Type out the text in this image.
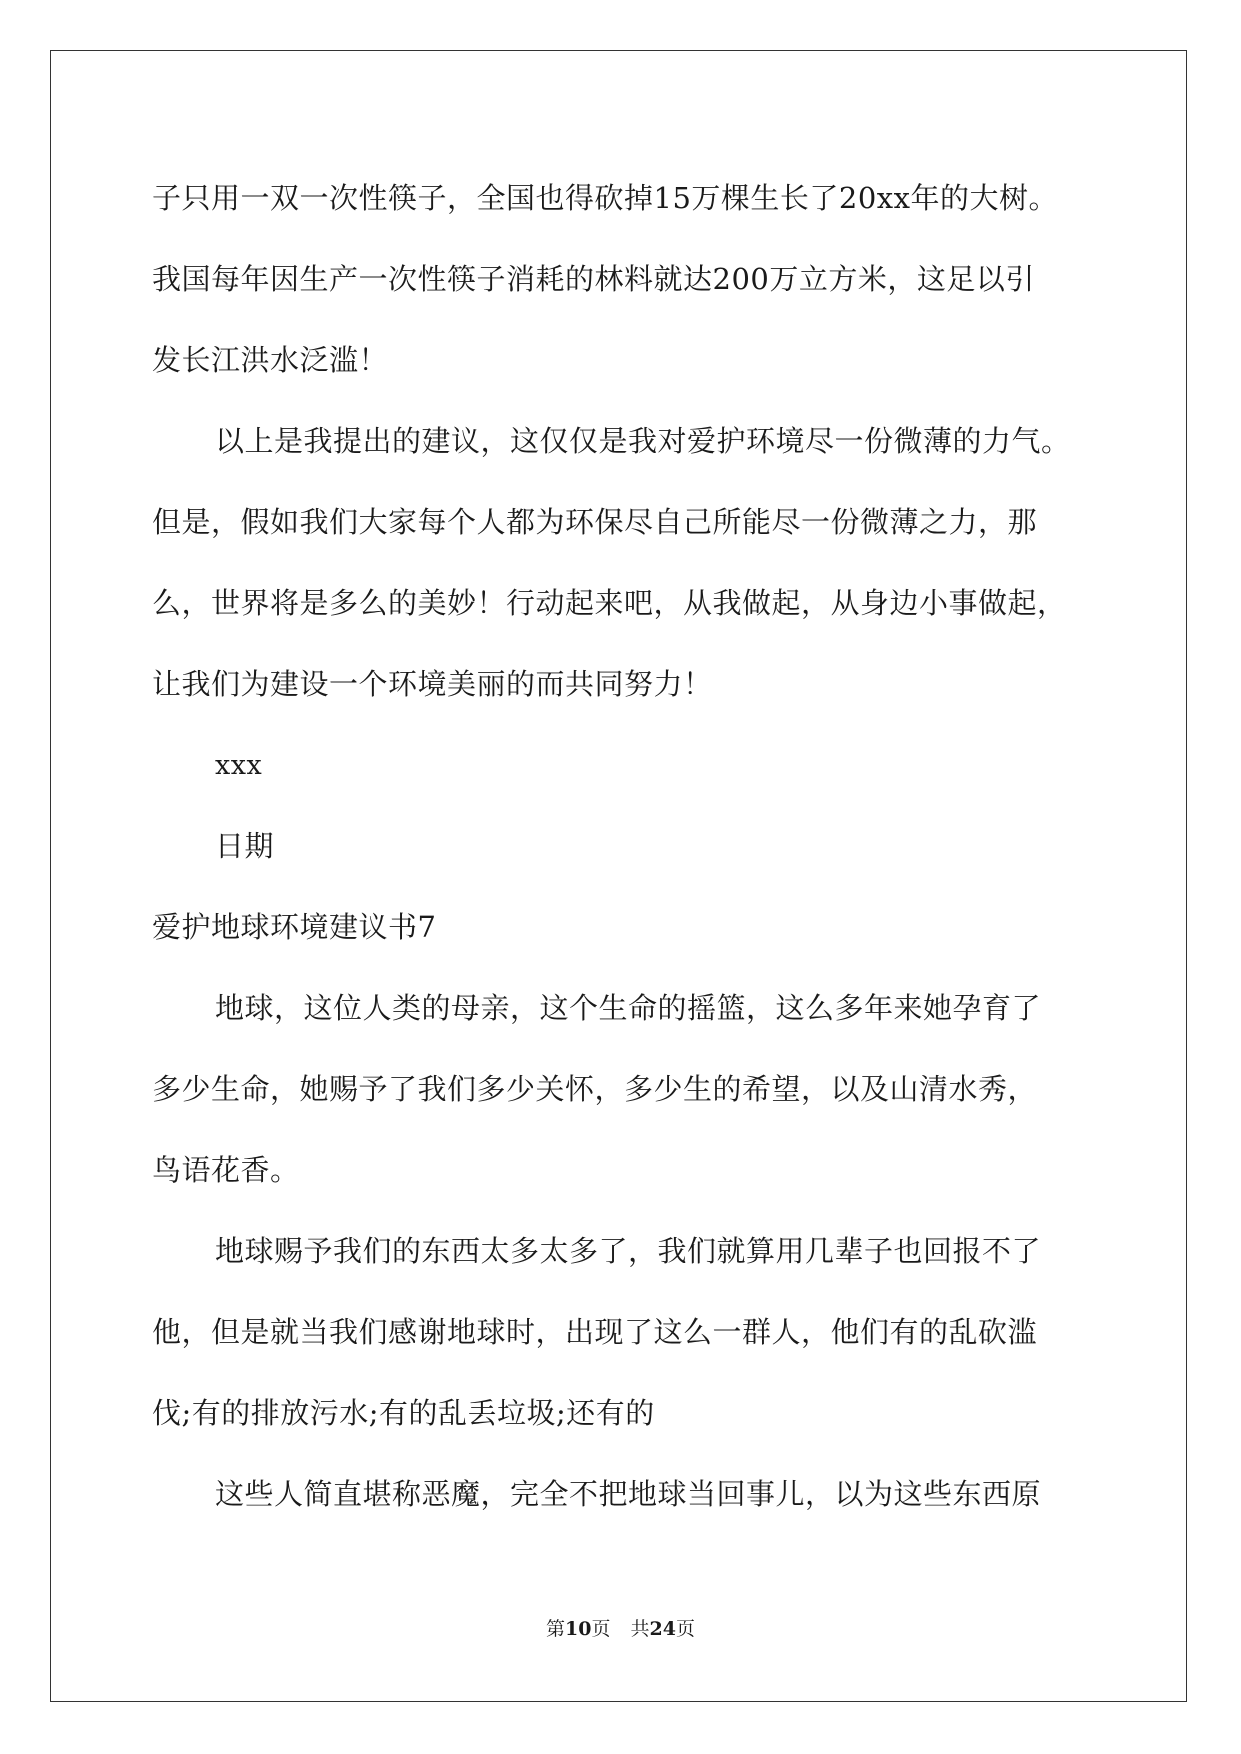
子只用一双一次性筷子，全国也得砍掉15万棵生长了20xx年的大树。
我国每年因生产一次性筷子消耗的林料就达200万立方米，这足以引
发长江洪水泛滥！
以上是我提出的建议，这仅仅是我对爱护环境尽一份微薄的力气。
但是，假如我们大家每个人都为环保尽自己所能尽一份微薄之力，那
么，世界将是多么的美妙！行动起来吧，从我做起，从身边小事做起，
让我们为建设一个环境美丽的而共同努力！
xxx
日期
爱护地球环境建议书7
地球，这位人类的母亲，这个生命的摇篮，这么多年来她孕育了
多少生命，她赐予了我们多少关怀，多少生的希望，以及山清水秀，
鸟语花香。
地球赐予我们的东西太多太多了，我们就算用几辈子也回报不了
他，但是就当我们感谢地球时，出现了这么一群人，他们有的乱砍滥
伐;有的排放污水;有的乱丢垃圾;还有的
这些人简直堪称恶魔，完全不把地球当回事儿，以为这些东西原
第10页 共24页
